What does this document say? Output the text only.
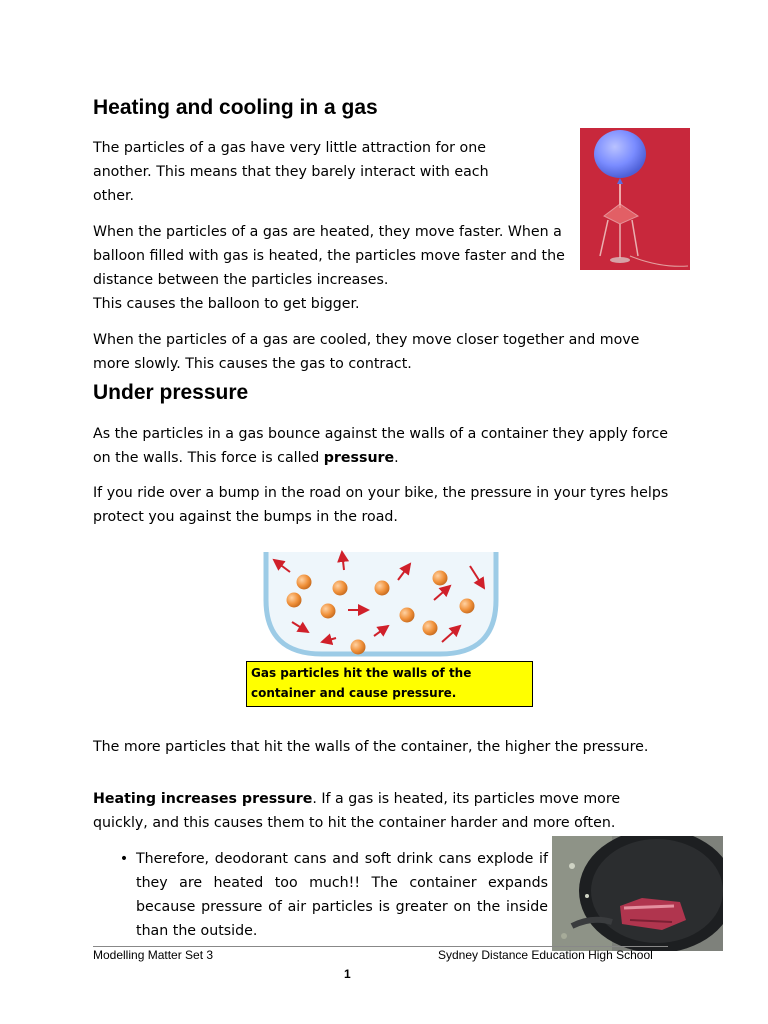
Heating and cooling in a gas

The particles of a gas have very little attraction for one another. This means that they barely interact with each other.

When the particles of a gas are heated, they move faster. When a balloon filled with gas is heated, the particles move faster and the distance between the particles increases.

This causes the balloon to get bigger.

When the particles of a gas are cooled, they move closer together and move more slowly. This causes the gas to contract.

Under pressure

As the particles in a gas bounce against the walls of a container they apply force on the walls. This force is called pressure.

If you ride over a bump in the road on your bike, the pressure in your tyres helps protect you against the bumps in the road.

Gas particles hit the walls of the container and cause pressure.

The more particles that hit the walls of the container, the higher the pressure.

Heating increases pressure. If a gas is heated, its particles move more quickly, and this causes them to hit the container harder and more often.

• Therefore, deodorant cans and soft drink cans explode if they are heated too much!! The container expands because pressure of air particles is greater on the inside than the outside.

Modelling Matter Set 3	Sydney Distance Education High School
1
